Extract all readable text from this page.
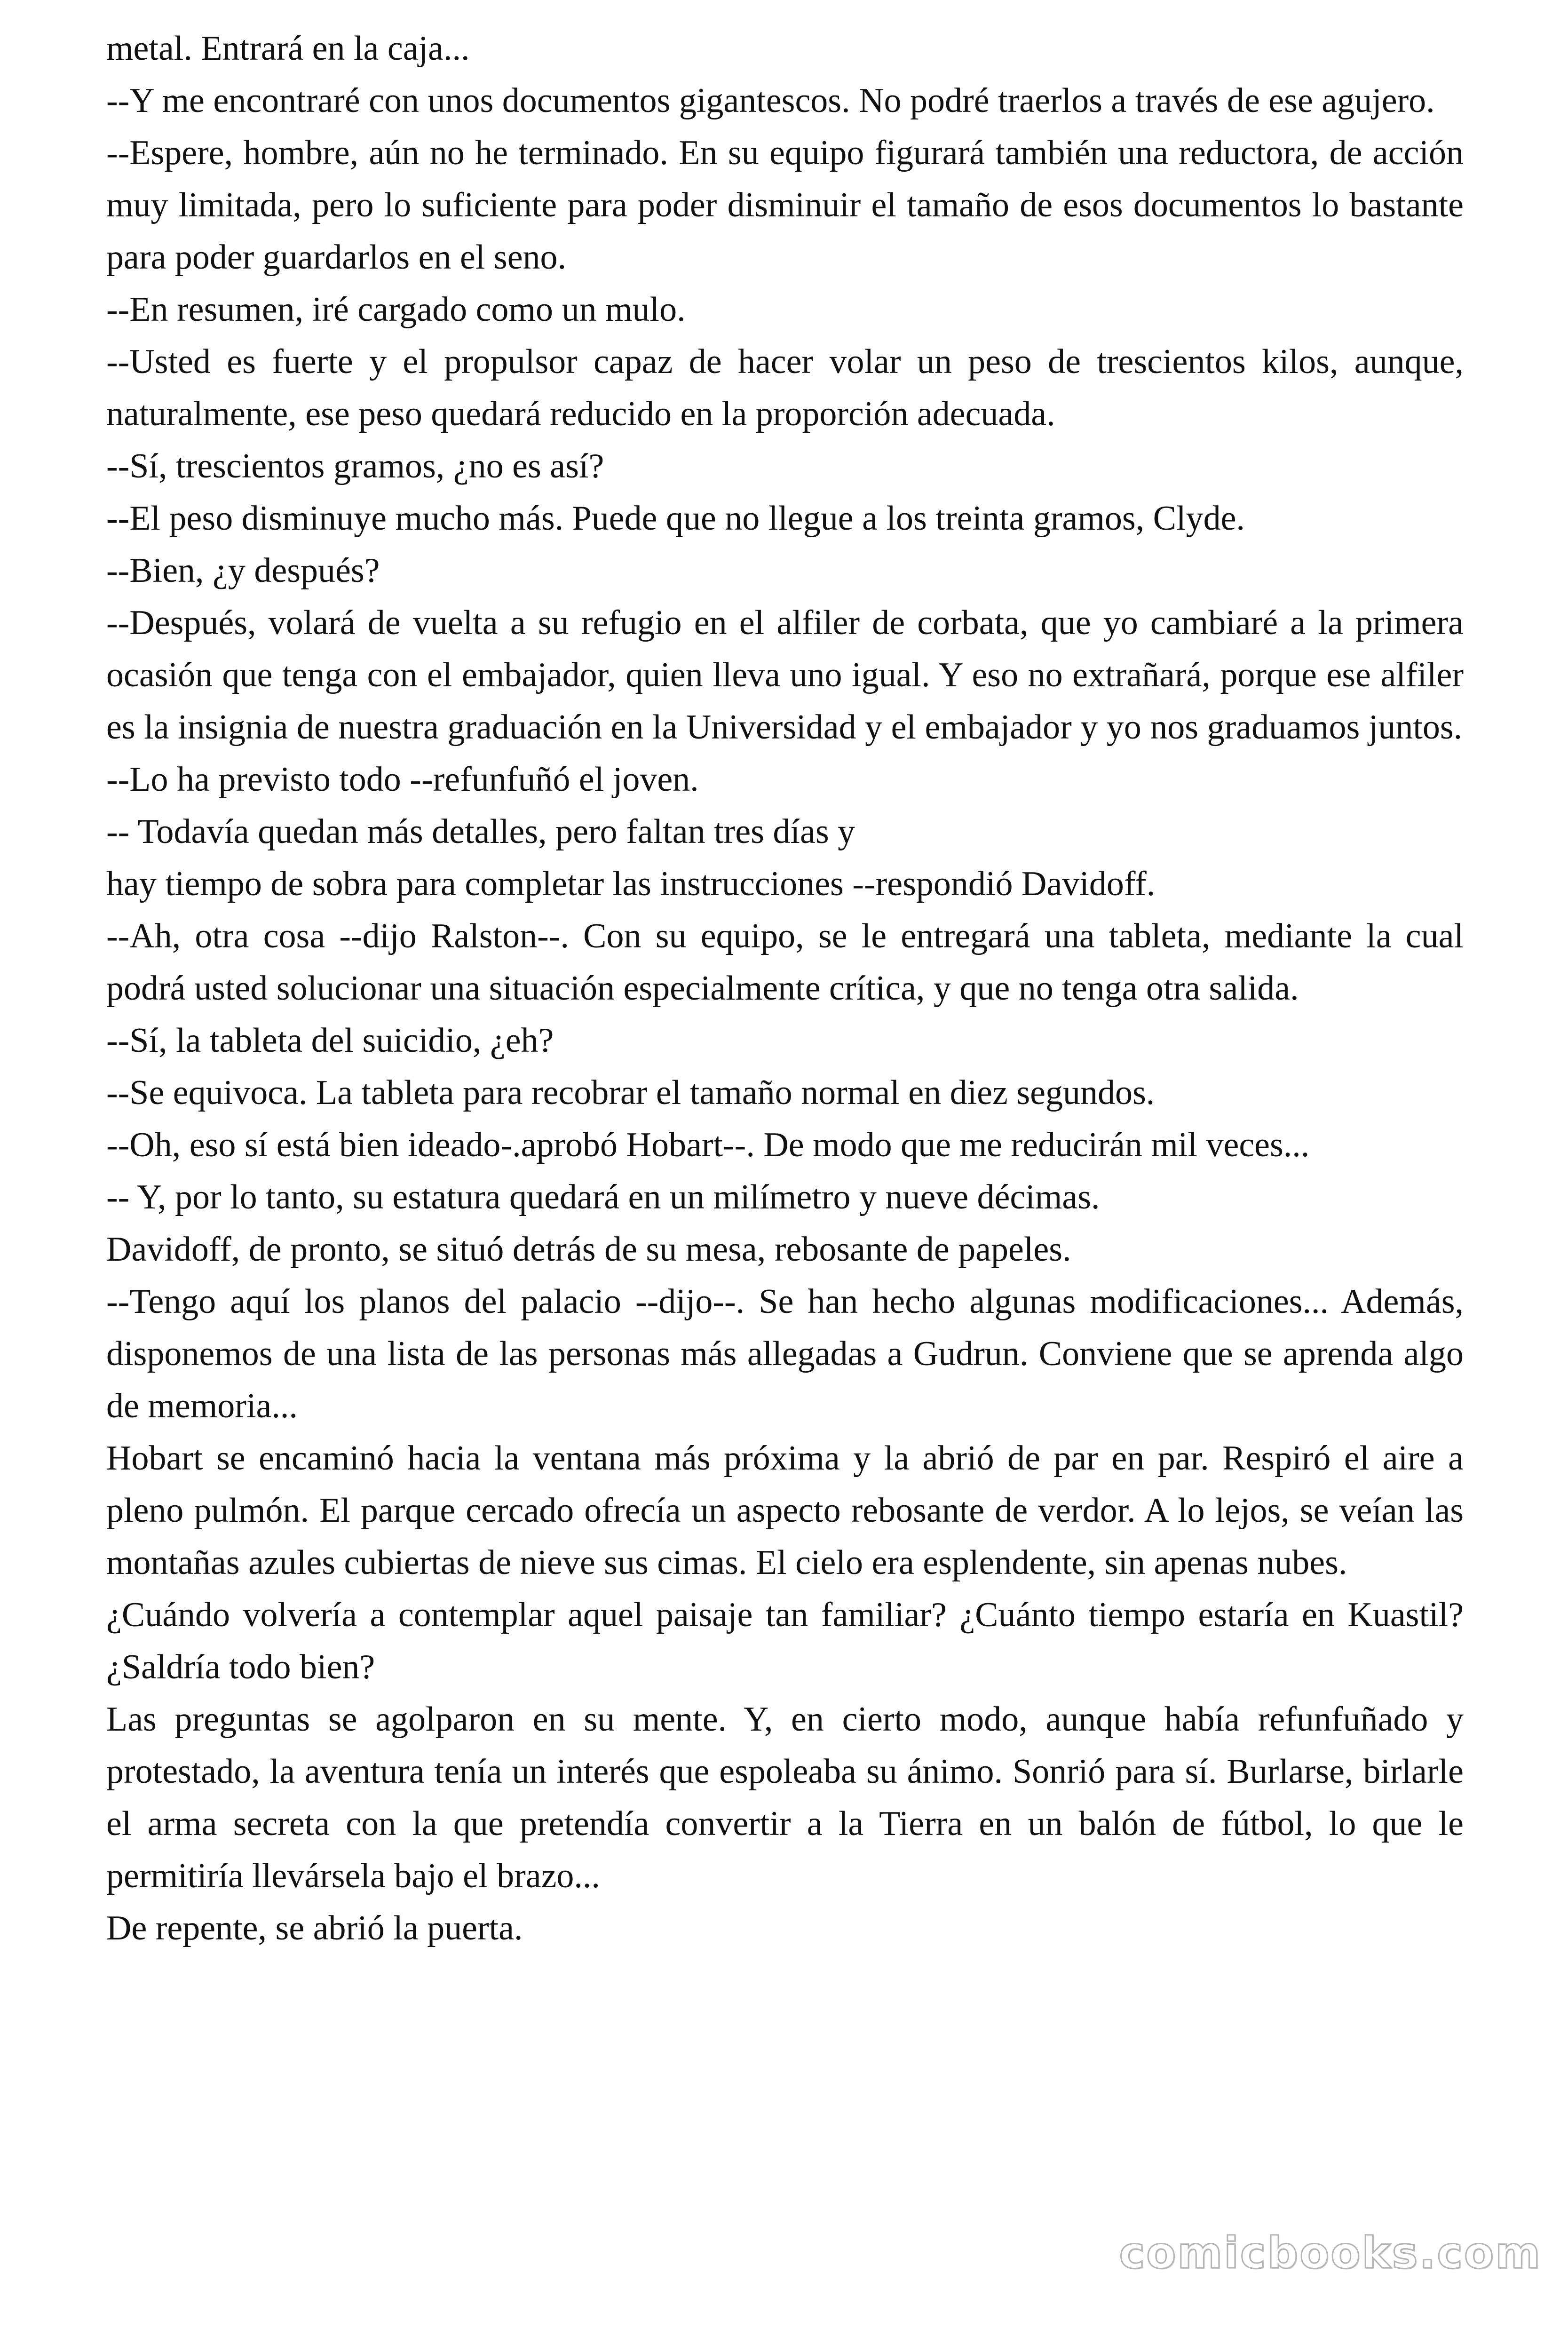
metal. Entrará en la caja...

--Y me encontraré con unos documentos gigantescos. No podré traerlos a través de ese agujero.

--Espere, hombre, aún no he terminado. En su equipo figurará también una reductora, de acción muy limitada, pero lo suficiente para poder disminuir el tamaño de esos documentos lo bastante para poder guardarlos en el seno.

--En resumen, iré cargado como un mulo.

--Usted es fuerte y el propulsor capaz de hacer volar un peso de trescientos kilos, aunque, naturalmente, ese peso quedará reducido en la proporción adecuada.

--Sí, trescientos gramos, ¿no es así?

--El peso disminuye mucho más. Puede que no llegue a los treinta gramos, Clyde.

--Bien, ¿y después?

--Después, volará de vuelta a su refugio en el alfiler de corbata, que yo cambiaré a la primera ocasión que tenga con el embajador, quien lleva uno igual. Y eso no extrañará, porque ese alfiler es la insignia de nuestra graduación en la Universidad y el embajador y yo nos graduamos juntos.

--Lo ha previsto todo --refunfuñó el joven.

-- Todavía quedan más detalles, pero faltan tres días y

hay tiempo de sobra para completar las instrucciones --respondió Davidoff.

--Ah, otra cosa --dijo Ralston--. Con su equipo, se le entregará una tableta, mediante la cual podrá usted solucionar una situación especialmente crítica, y que no tenga otra salida.

--Sí, la tableta del suicidio, ¿eh?

--Se equivoca. La tableta para recobrar el tamaño normal en diez segundos.

--Oh, eso sí está bien ideado-.aprobó Hobart--. De modo que me reducirán mil veces...

-- Y, por lo tanto, su estatura quedará en un milímetro y nueve décimas.

Davidoff, de pronto, se situó detrás de su mesa, rebosante de papeles.

--Tengo aquí los planos del palacio --dijo--. Se han hecho algunas modificaciones... Además, disponemos de una lista de las personas más allegadas a Gudrun. Conviene que se aprenda algo de memoria...

Hobart se encaminó hacia la ventana más próxima y la abrió de par en par. Respiró el aire a pleno pulmón. El parque cercado ofrecía un aspecto rebosante de verdor. A lo lejos, se veían las montañas azules cubiertas de nieve sus cimas. El cielo era esplendente, sin apenas nubes.

¿Cuándo volvería a contemplar aquel paisaje tan familiar? ¿Cuánto tiempo estaría en Kuastil? ¿Saldría todo bien?

Las preguntas se agolparon en su mente. Y, en cierto modo, aunque había refunfuñado y protestado, la aventura tenía un interés que espoleaba su ánimo. Sonrió para sí. Burlarse, birlarle el arma secreta con la que pretendía convertir a la Tierra en un balón de fútbol, lo que le permitiría llevársela bajo el brazo...

De repente, se abrió la puerta.

comicbooks.com
